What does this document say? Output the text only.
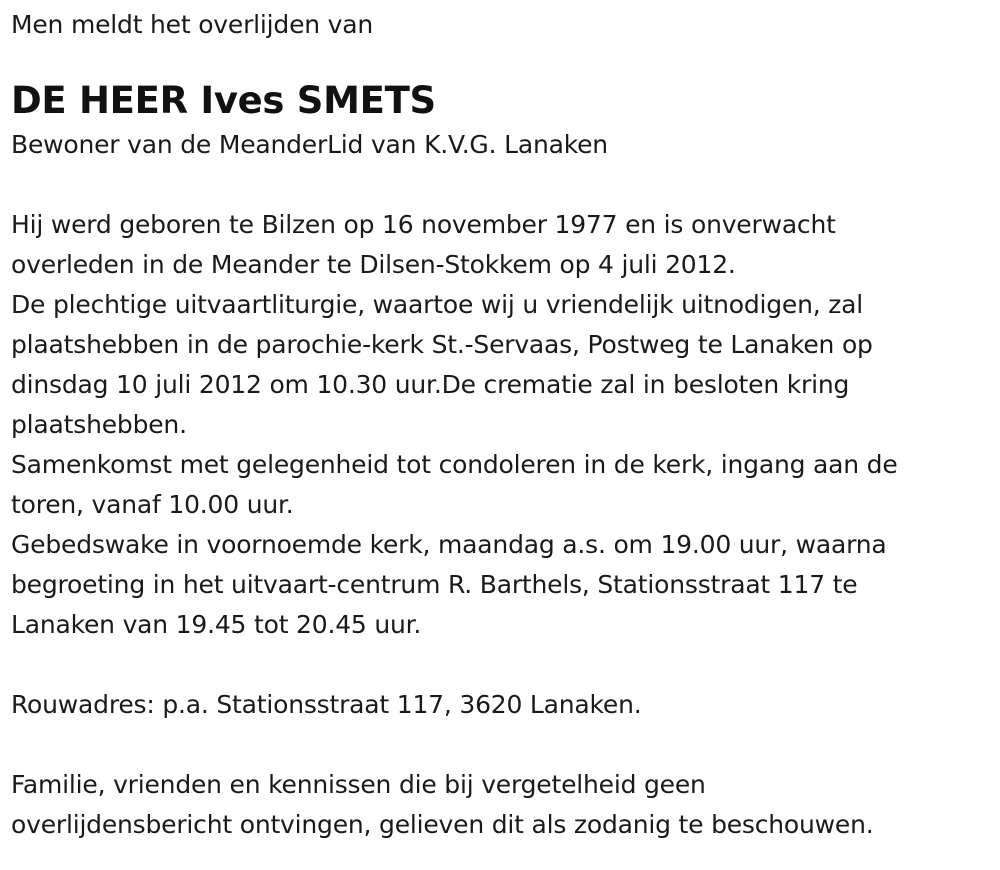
Men meldt het overlijden van
DE HEER Ives SMETS
Bewoner van de MeanderLid van K.V.G. Lanaken
Hij werd geboren te Bilzen op 16 november 1977 en is onverwacht
overleden in de Meander te Dilsen-Stokkem op 4 juli 2012.
De plechtige uitvaartliturgie, waartoe wij u vriendelijk uitnodigen, zal
plaatshebben in de parochie-kerk St.-Servaas, Postweg te Lanaken op
dinsdag 10 juli 2012 om 10.30 uur.De crematie zal in besloten kring
plaatshebben.
Samenkomst met gelegenheid tot condoleren in de kerk, ingang aan de
toren, vanaf 10.00 uur.
Gebedswake in voornoemde kerk, maandag a.s. om 19.00 uur, waarna
begroeting in het uitvaart-centrum R. Barthels, Stationsstraat 117 te
Lanaken van 19.45 tot 20.45 uur.
Rouwadres: p.a. Stationsstraat 117, 3620 Lanaken.
Familie, vrienden en kennissen die bij vergetelheid geen
overlijdensbericht ontvingen, gelieven dit als zodanig te beschouwen.
